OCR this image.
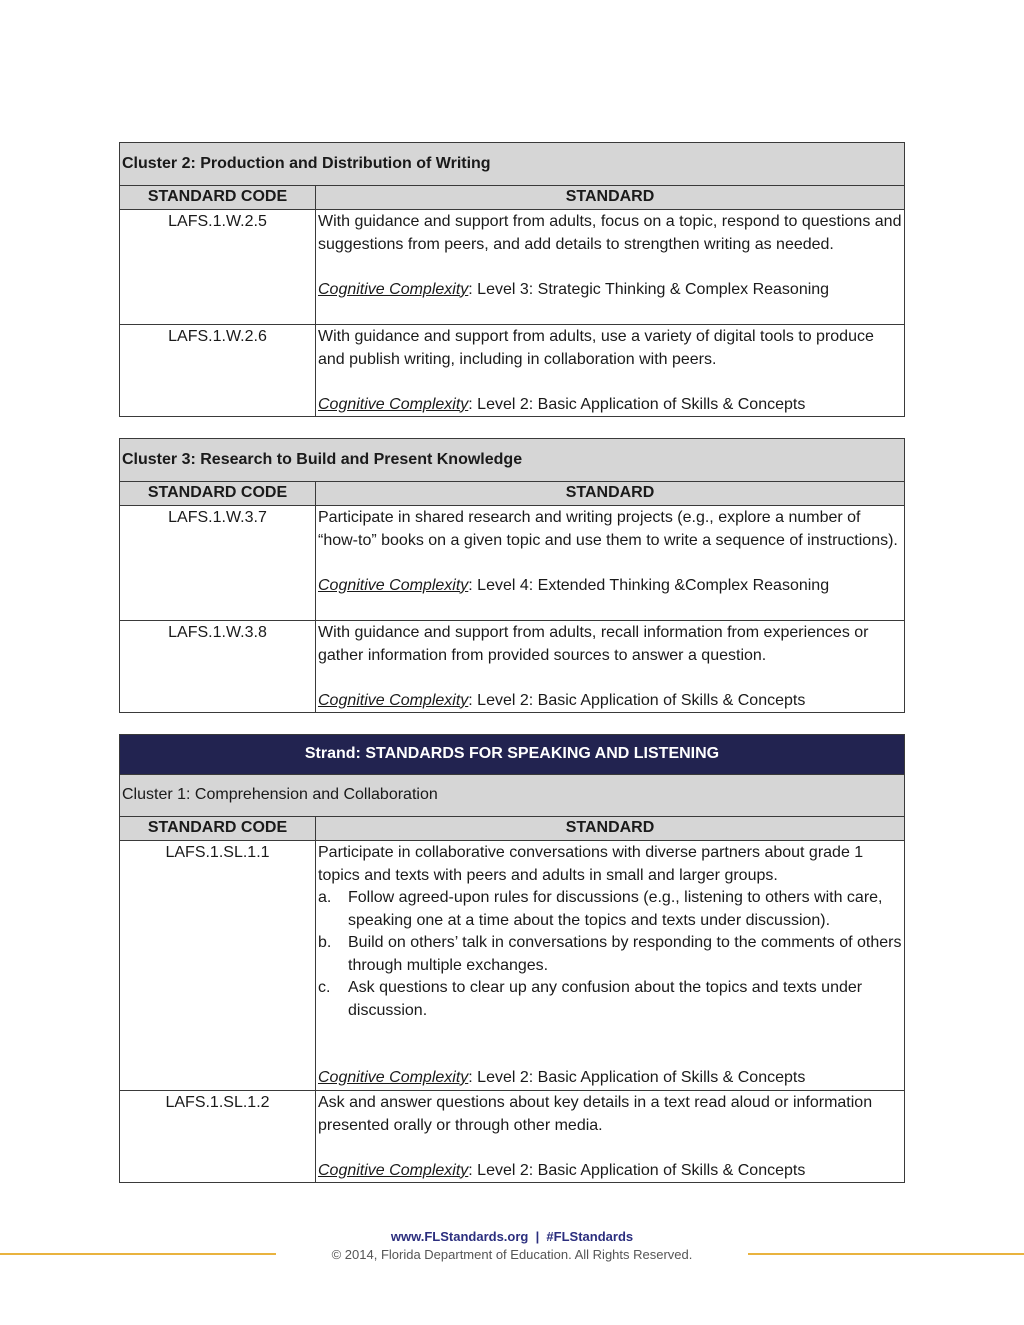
Cluster 2: Production and Distribution of Writing
STANDARD CODE	STANDARD
LAFS.1.W.2.5	With guidance and support from adults, focus on a topic, respond to questions and suggestions from peers, and add details to strengthen writing as needed.

Cognitive Complexity: Level 3: Strategic Thinking & Complex Reasoning

LAFS.1.W.2.6	With guidance and support from adults, use a variety of digital tools to produce and publish writing, including in collaboration with peers.

Cognitive Complexity: Level 2: Basic Application of Skills & Concepts

Cluster 3: Research to Build and Present Knowledge
STANDARD CODE	STANDARD
LAFS.1.W.3.7	Participate in shared research and writing projects (e.g., explore a number of “how-to” books on a given topic and use them to write a sequence of instructions).

Cognitive Complexity: Level 4: Extended Thinking &Complex Reasoning

LAFS.1.W.3.8	With guidance and support from adults, recall information from experiences or gather information from provided sources to answer a question.

Cognitive Complexity: Level 2: Basic Application of Skills & Concepts

Strand: STANDARDS FOR SPEAKING AND LISTENING
Cluster 1: Comprehension and Collaboration
STANDARD CODE	STANDARD
LAFS.1.SL.1.1	Participate in collaborative conversations with diverse partners about grade 1 topics and texts with peers and adults in small and larger groups.

a.	Follow agreed-upon rules for discussions (e.g., listening to others with care, speaking one at a time about the topics and texts under discussion).
b.	Build on others’ talk in conversations by responding to the comments of others through multiple exchanges.
c.	Ask questions to clear up any confusion about the topics and texts under discussion.

Cognitive Complexity: Level 2: Basic Application of Skills & Concepts

LAFS.1.SL.1.2	Ask and answer questions about key details in a text read aloud or information presented orally or through other media.

Cognitive Complexity: Level 2: Basic Application of Skills & Concepts

www.FLStandards.org  |  #FLStandards
© 2014, Florida Department of Education. All Rights Reserved.
